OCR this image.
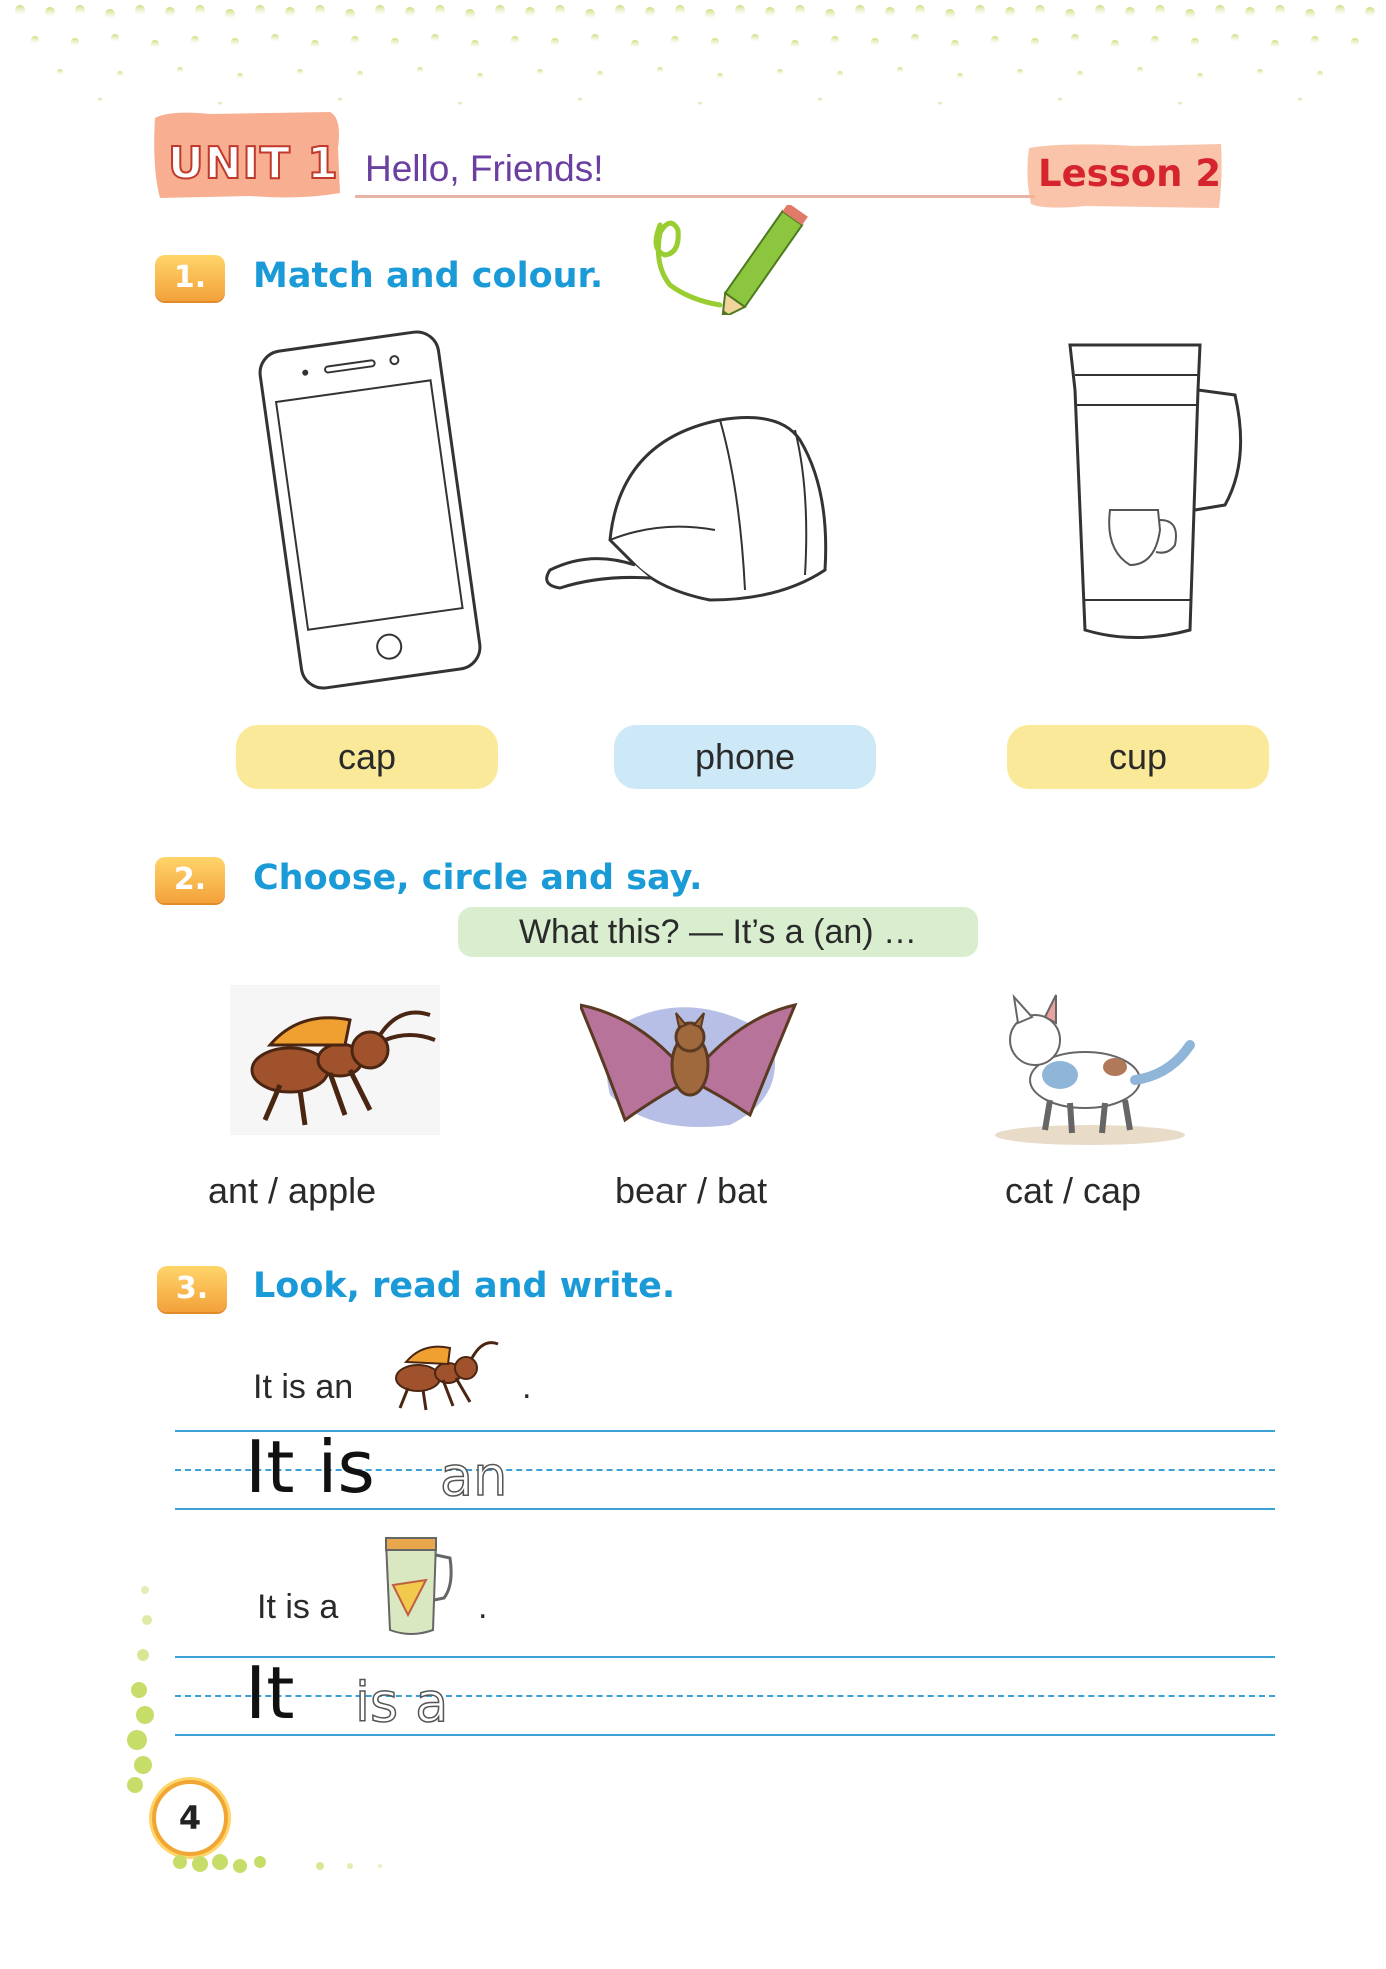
UNIT 1 Hello, Friends!	Lesson 2
1.	Match and colour.
cap	phone	cup
2.	Choose, circle and say.
What this? — It’s a (an) …
ant / apple	bear / bat	cat / cap
3.	Look, read and write.
It is an	.
It is an
It is a	.
It is a
4
